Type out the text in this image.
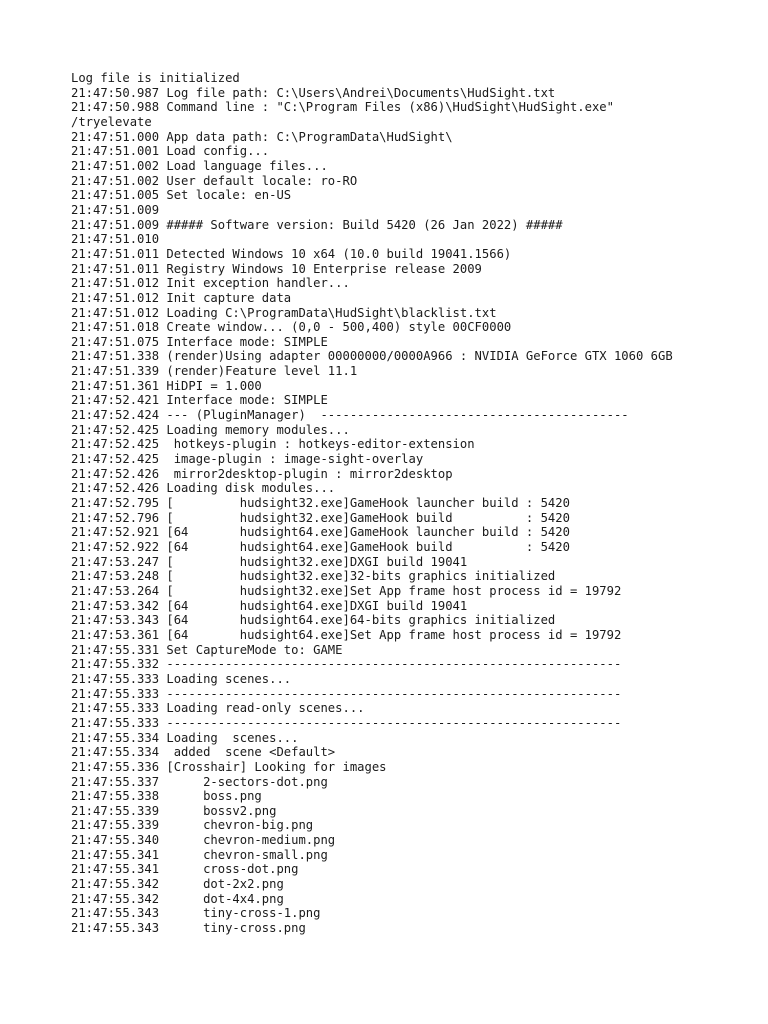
Log file is initialized
21:47:50.987 Log file path: C:\Users\Andrei\Documents\HudSight.txt
21:47:50.988 Command line : "C:\Program Files (x86)\HudSight\HudSight.exe"
/tryelevate
21:47:51.000 App data path: C:\ProgramData\HudSight\
21:47:51.001 Load config...
21:47:51.002 Load language files...
21:47:51.002 User default locale: ro-RO
21:47:51.005 Set locale: en-US
21:47:51.009
21:47:51.009 ##### Software version: Build 5420 (26 Jan 2022) #####
21:47:51.010
21:47:51.011 Detected Windows 10 x64 (10.0 build 19041.1566)
21:47:51.011 Registry Windows 10 Enterprise release 2009
21:47:51.012 Init exception handler...
21:47:51.012 Init capture data
21:47:51.012 Loading C:\ProgramData\HudSight\blacklist.txt
21:47:51.018 Create window... (0,0 - 500,400) style 00CF0000
21:47:51.075 Interface mode: SIMPLE
21:47:51.338 (render)Using adapter 00000000/0000A966 : NVIDIA GeForce GTX 1060 6GB
21:47:51.339 (render)Feature level 11.1
21:47:51.361 HiDPI = 1.000
21:47:52.421 Interface mode: SIMPLE
21:47:52.424 --- (PluginManager)  ------------------------------------------
21:47:52.425 Loading memory modules...
21:47:52.425  hotkeys-plugin : hotkeys-editor-extension
21:47:52.425  image-plugin : image-sight-overlay
21:47:52.426  mirror2desktop-plugin : mirror2desktop
21:47:52.426 Loading disk modules...
21:47:52.795 [         hudsight32.exe]GameHook launcher build : 5420
21:47:52.796 [         hudsight32.exe]GameHook build          : 5420
21:47:52.921 [64       hudsight64.exe]GameHook launcher build : 5420
21:47:52.922 [64       hudsight64.exe]GameHook build          : 5420
21:47:53.247 [         hudsight32.exe]DXGI build 19041
21:47:53.248 [         hudsight32.exe]32-bits graphics initialized
21:47:53.264 [         hudsight32.exe]Set App frame host process id = 19792
21:47:53.342 [64       hudsight64.exe]DXGI build 19041
21:47:53.343 [64       hudsight64.exe]64-bits graphics initialized
21:47:53.361 [64       hudsight64.exe]Set App frame host process id = 19792
21:47:55.331 Set CaptureMode to: GAME
21:47:55.332 --------------------------------------------------------------
21:47:55.333 Loading scenes...
21:47:55.333 --------------------------------------------------------------
21:47:55.333 Loading read-only scenes...
21:47:55.333 --------------------------------------------------------------
21:47:55.334 Loading  scenes...
21:47:55.334  added  scene <Default>
21:47:55.336 [Crosshair] Looking for images
21:47:55.337      2-sectors-dot.png
21:47:55.338      boss.png
21:47:55.339      bossv2.png
21:47:55.339      chevron-big.png
21:47:55.340      chevron-medium.png
21:47:55.341      chevron-small.png
21:47:55.341      cross-dot.png
21:47:55.342      dot-2x2.png
21:47:55.342      dot-4x4.png
21:47:55.343      tiny-cross-1.png
21:47:55.343      tiny-cross.png
